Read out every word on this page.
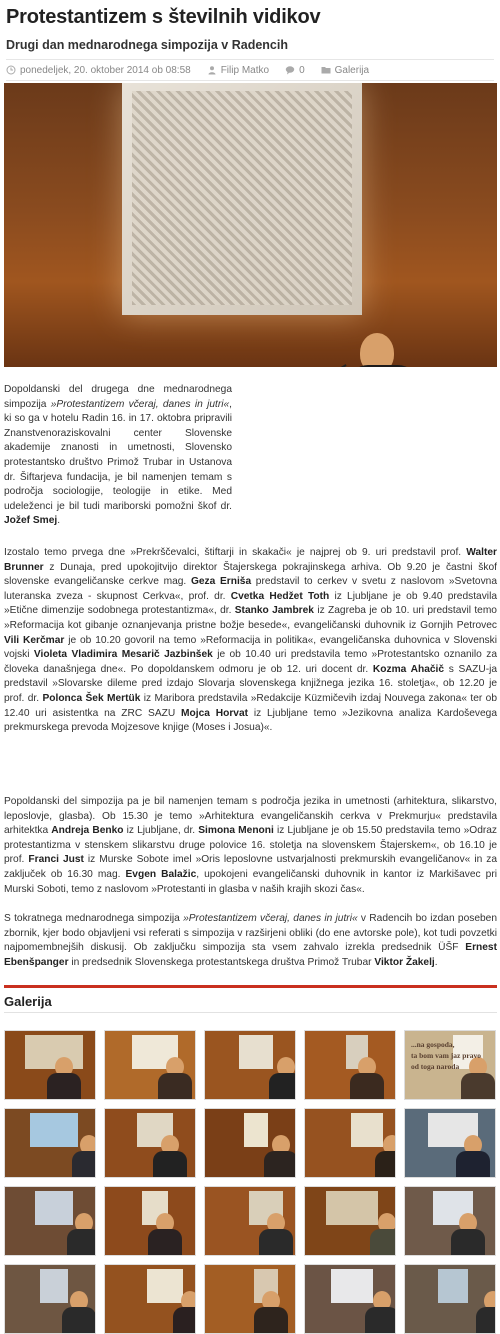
Protestantizem s številnih vidikov
Drugi dan mednarodnega simpozija v Radencih
ponedeljek, 20. oktober 2014 ob 08:58	Filip Matko	0	Galerija

Dopoldanski del drugega dne mednarodnega simpozija »Protestantizem včeraj, danes in jutri«, ki so ga v hotelu Radin 16. in 17. oktobra pripravili Znanstvenoraziskovalni center Slovenske akademije znanosti in umetnosti, Slovensko protestantsko društvo Primož Trubar in Ustanova dr. Šiftarjeva fundacija, je bil namenjen temam s področja sociologije, teologije in etike. Med udeleženci je bil tudi mariborski pomožni škof dr. Jožef Smej.

Izostalo temo prvega dne »Prekrščevalci, štiftarji in skakači« je najprej ob 9. uri predstavil prof. Walter Brunner z Dunaja, pred upokojitvijo direktor Štajerskega pokrajinskega arhiva. Ob 9.20 je častni škof slovenske evangeličanske cerkve mag. Geza Erniša predstavil to cerkev v svetu z naslovom »Svetovna luteranska zveza - skupnost Cerkva«, prof. dr. Cvetka Hedžet Toth iz Ljubljane je ob 9.40 predstavila »Etične dimenzije sodobnega protestantizma«, dr. Stanko Jambrek iz Zagreba je ob 10. uri predstavil temo »Reformacija kot gibanje oznanjevanja pristne božje besede«, evangeličanski duhovnik iz Gornjih Petrovec Vili Kerčmar je ob 10.20 govoril na temo »Reformacija in politika«, evangeličanska duhovnica v Slovenski vojski Violeta Vladimira Mesarič Jazbinšek je ob 10.40 uri predstavila temo »Protestantsko oznanilo za človeka današnjega dne«. Po dopoldanskem odmoru je ob 12. uri docent dr. Kozma Ahačič s SAZU-ja predstavil »Slovarske dileme pred izdajo Slovarja slovenskega knjižnega jezika 16. stoletja«, ob 12.20 je prof. dr. Polonca Šek Mertük iz Maribora predstavila »Redakcije Küzmičevih izdaj Nouvega zakona« ter ob 12.40 uri asistentka na ZRC SAZU Mojca Horvat iz Ljubljane temo »Jezikovna analiza Kardoševega prekmurskega prevoda Mojzesove knjige (Moses i Josua)«.

Popoldanski del simpozija pa je bil namenjen temam s področja jezika in umetnosti (arhitektura, slikarstvo, leposlovje, glasba). Ob 15.30 je temo »Arhitektura evangeličanskih cerkva v Prekmurju« predstavila arhitektka Andreja Benko iz Ljubljane, dr. Simona Menoni iz Ljubljane je ob 15.50 predstavila temo »Odraz protestantizma v stenskem slikarstvu druge polovice 16. stoletja na slovenskem Štajerskem«, ob 16.10 je prof. Franci Just iz Murske Sobote imel »Oris leposlovne ustvarjalnosti prekmurskih evangeličanov« in za zaključek ob 16.30 mag. Evgen Balažic, upokojeni evangeličanski duhovnik in kantor iz Markišavec pri Murski Soboti, temo z naslovom »Protestanti in glasba v naših krajih skozi čas«.

S tokratnega mednarodnega simpozija »Protestantizem včeraj, danes in jutri« v Radencih bo izdan poseben zbornik, kjer bodo objavljeni vsi referati s simpozija v razširjeni obliki (do ene avtorske pole), kot tudi povzetki najpomembnejših diskusij. Ob zaključku simpozija sta vsem zahvalo izrekla predsednik ÜŠF Ernest Ebenšpanger in predsednik Slovenskega protestantskega društva Primož Trubar Viktor Žakelj.

Galerija
...na gospoda,
ta bom vam jaz pravo
od toga naroda
